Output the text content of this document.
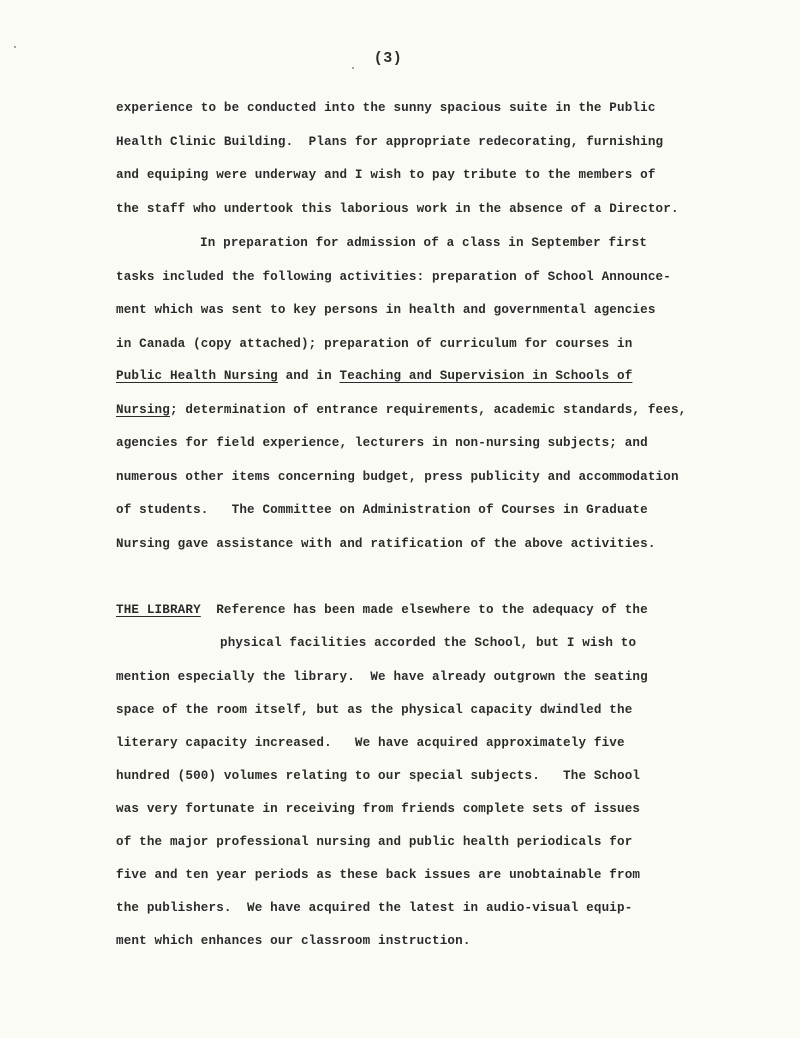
(3)
experience to be conducted into the sunny spacious suite in the Public
Health Clinic Building.  Plans for appropriate redecorating, furnishing
and equiping were underway and I wish to pay tribute to the members of
the staff who undertook this laborious work in the absence of a Director.
In preparation for admission of a class in September first
tasks included the following activities: preparation of School Announce-
ment which was sent to key persons in health and governmental agencies
in Canada (copy attached); preparation of curriculum for courses in
Public Health Nursing and in Teaching and Supervision in Schools of
Nursing; determination of entrance requirements, academic standards, fees,
agencies for field experience, lecturers in non-nursing subjects; and
numerous other items concerning budget, press publicity and accommodation
of students.   The Committee on Administration of Courses in Graduate
Nursing gave assistance with and ratification of the above activities.
THE LIBRARY  Reference has been made elsewhere to the adequacy of the
physical facilities accorded the School, but I wish to
mention especially the library.  We have already outgrown the seating
space of the room itself, but as the physical capacity dwindled the
literary capacity increased.   We have acquired approximately five
hundred (500) volumes relating to our special subjects.   The School
was very fortunate in receiving from friends complete sets of issues
of the major professional nursing and public health periodicals for
five and ten year periods as these back issues are unobtainable from
the publishers.  We have acquired the latest in audio-visual equip-
ment which enhances our classroom instruction.
